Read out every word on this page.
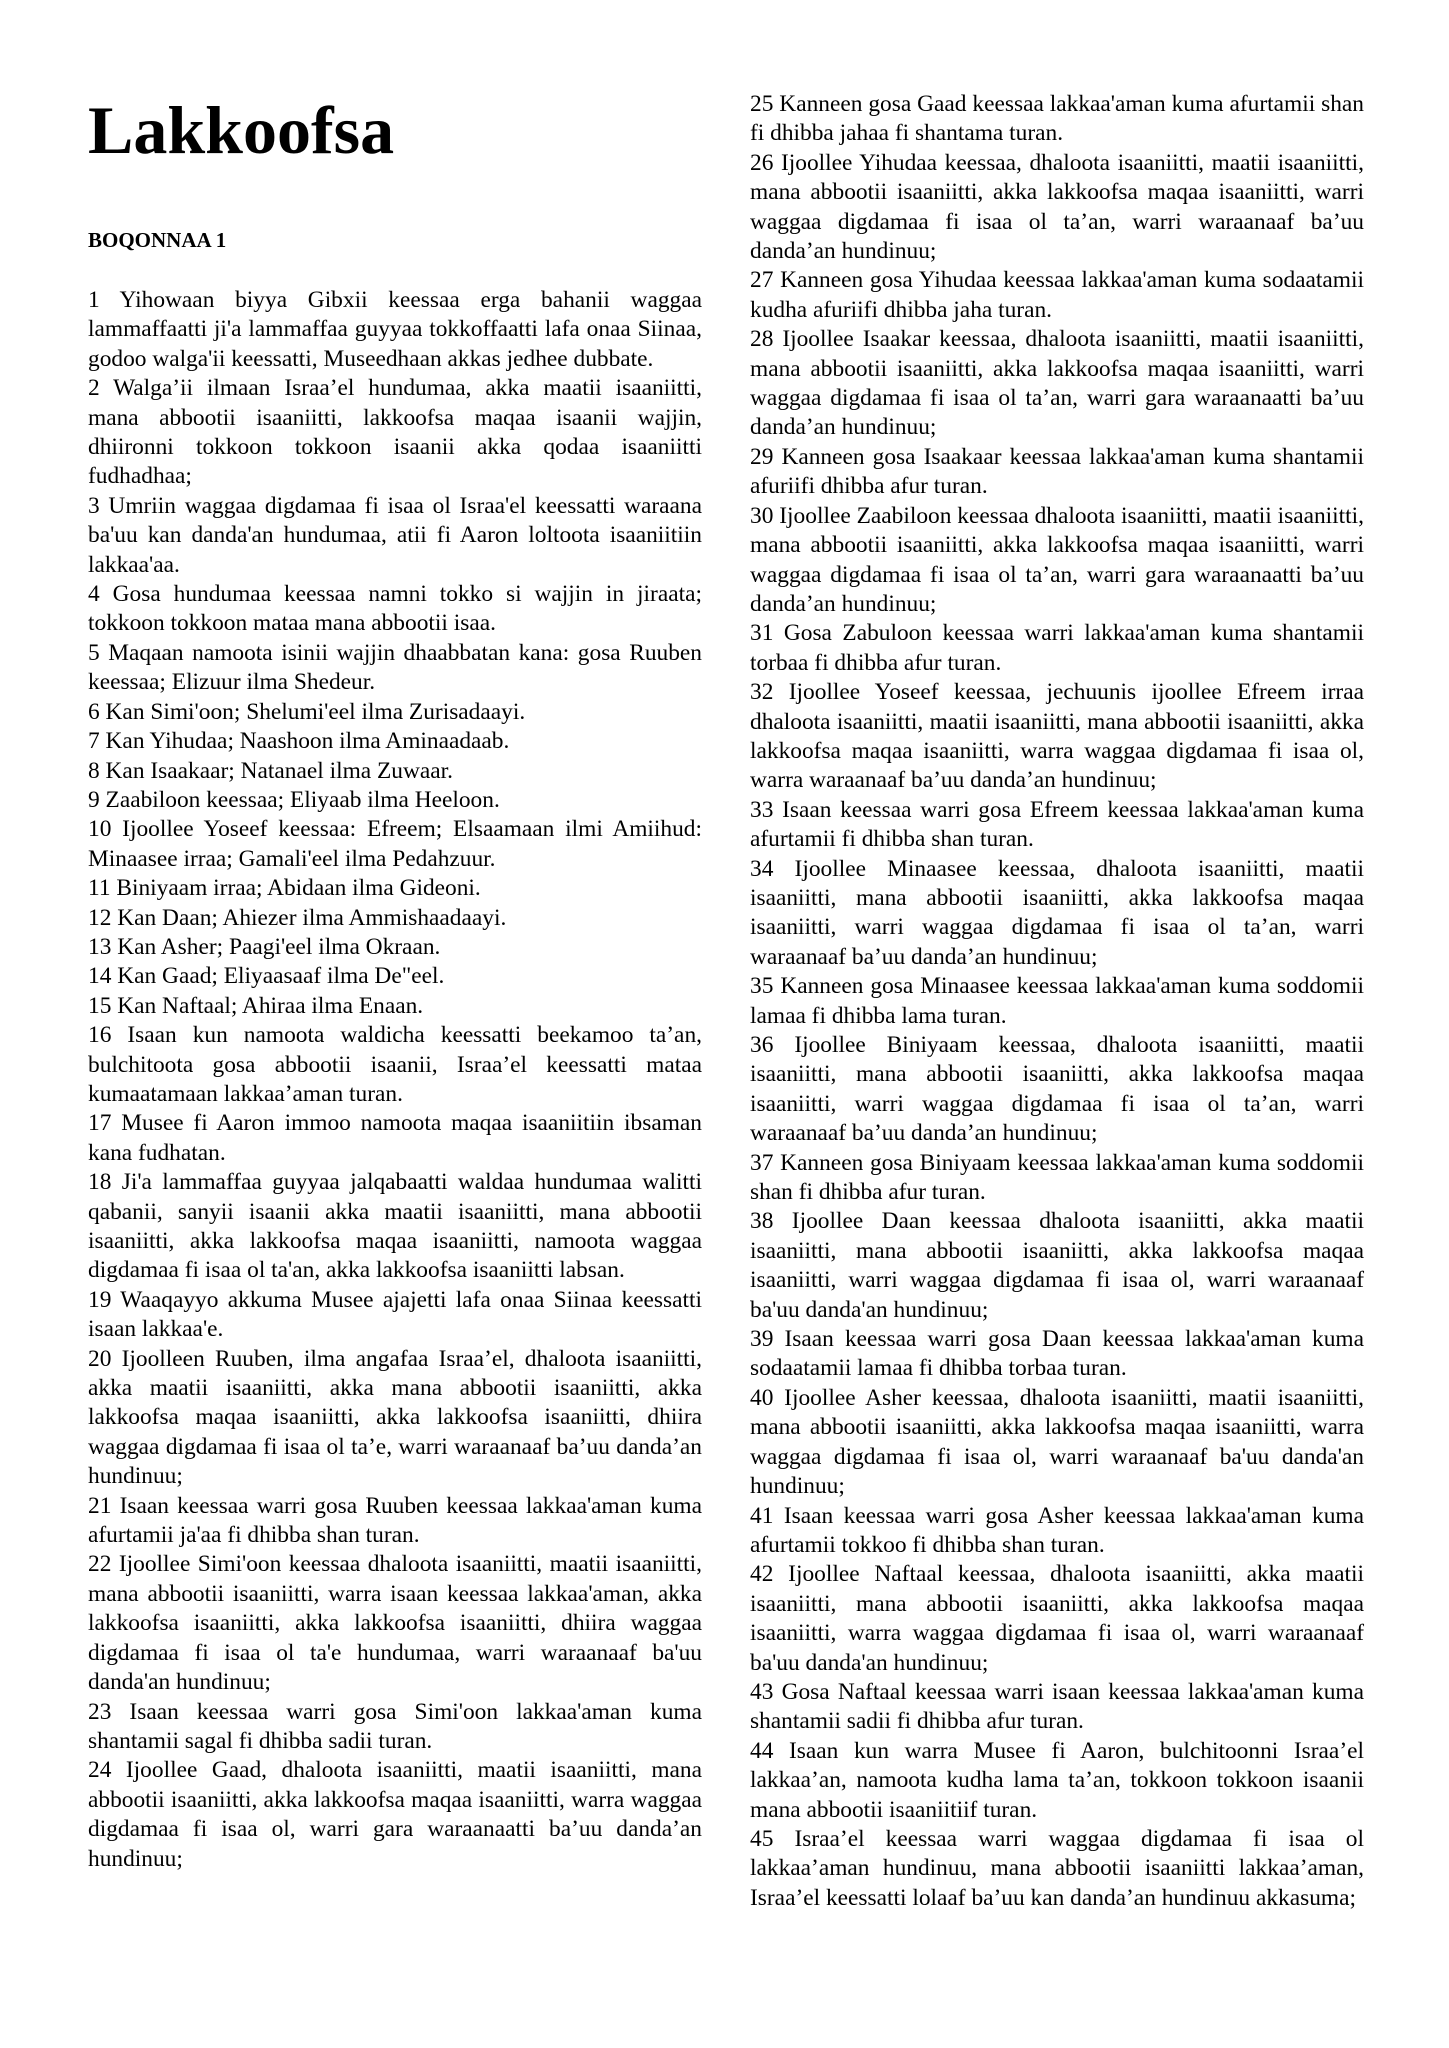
Lakkoofsa
BOQONNAA 1

1 Yihowaan biyya Gibxii keessaa erga bahanii waggaa lammaffaatti ji'a lammaffaa guyyaa tokkoffaatti lafa onaa Siinaa, godoo walga'ii keessatti, Museedhaan akkas jedhee dubbate.

2 Walga’ii ilmaan Israa’el hundumaa, akka maatii isaaniitti, mana abbootii isaaniitti, lakkoofsa maqaa isaanii wajjin, dhiironni tokkoon tokkoon isaanii akka qodaa isaaniitti fudhadhaa;

3 Umriin waggaa digdamaa fi isaa ol Israa'el keessatti waraana ba'uu kan danda'an hundumaa, atii fi Aaron loltoota isaaniitiin lakkaa'aa.

4 Gosa hundumaa keessaa namni tokko si wajjin in jiraata; tokkoon tokkoon mataa mana abbootii isaa.

5 Maqaan namoota isinii wajjin dhaabbatan kana: gosa Ruuben keessaa; Elizuur ilma Shedeur.

6 Kan Simi'oon; Shelumi'eel ilma Zurisadaayi.

7 Kan Yihudaa; Naashoon ilma Aminaadaab.

8 Kan Isaakaar; Natanael ilma Zuwaar.

9 Zaabiloon keessaa; Eliyaab ilma Heeloon.

10 Ijoollee Yoseef keessaa: Efreem; Elsaamaan ilmi Amiihud: Minaasee irraa; Gamali'eel ilma Pedahzuur.

11 Biniyaam irraa; Abidaan ilma Gideoni.

12 Kan Daan; Ahiezer ilma Ammishaadaayi.

13 Kan Asher; Paagi'eel ilma Okraan.

14 Kan Gaad; Eliyaasaaf ilma De"eel.

15 Kan Naftaal; Ahiraa ilma Enaan.

16 Isaan kun namoota waldicha keessatti beekamoo ta’an, bulchitoota gosa abbootii isaanii, Israa’el keessatti mataa kumaatamaan lakkaa’aman turan.

17 Musee fi Aaron immoo namoota maqaa isaaniitiin ibsaman kana fudhatan.

18 Ji'a lammaffaa guyyaa jalqabaatti waldaa hundumaa walitti qabanii, sanyii isaanii akka maatii isaaniitti, mana abbootii isaaniitti, akka lakkoofsa maqaa isaaniitti, namoota waggaa digdamaa fi isaa ol ta'an, akka lakkoofsa isaaniitti labsan.

19 Waaqayyo akkuma Musee ajajetti lafa onaa Siinaa keessatti isaan lakkaa'e.

20 Ijoolleen Ruuben, ilma angafaa Israa’el, dhaloota isaaniitti, akka maatii isaaniitti, akka mana abbootii isaaniitti, akka lakkoofsa maqaa isaaniitti, akka lakkoofsa isaaniitti, dhiira waggaa digdamaa fi isaa ol ta’e, warri waraanaaf ba’uu danda’an hundinuu;

21 Isaan keessaa warri gosa Ruuben keessaa lakkaa'aman kuma afurtamii ja'aa fi dhibba shan turan.

22 Ijoollee Simi'oon keessaa dhaloota isaaniitti, maatii isaaniitti, mana abbootii isaaniitti, warra isaan keessaa lakkaa'aman, akka lakkoofsa isaaniitti, akka lakkoofsa isaaniitti, dhiira waggaa digdamaa fi isaa ol ta'e hundumaa, warri waraanaaf ba'uu danda'an hundinuu;

23 Isaan keessaa warri gosa Simi'oon lakkaa'aman kuma shantamii sagal fi dhibba sadii turan.

24 Ijoollee Gaad, dhaloota isaaniitti, maatii isaaniitti, mana abbootii isaaniitti, akka lakkoofsa maqaa isaaniitti, warra waggaa digdamaa fi isaa ol, warri gara waraanaatti ba’uu danda’an hundinuu;

25 Kanneen gosa Gaad keessaa lakkaa'aman kuma afurtamii shan fi dhibba jahaa fi shantama turan.

26 Ijoollee Yihudaa keessaa, dhaloota isaaniitti, maatii isaaniitti, mana abbootii isaaniitti, akka lakkoofsa maqaa isaaniitti, warri waggaa digdamaa fi isaa ol ta’an, warri waraanaaf ba’uu danda’an hundinuu;

27 Kanneen gosa Yihudaa keessaa lakkaa'aman kuma sodaatamii kudha afuriifi dhibba jaha turan.

28 Ijoollee Isaakar keessaa, dhaloota isaaniitti, maatii isaaniitti, mana abbootii isaaniitti, akka lakkoofsa maqaa isaaniitti, warri waggaa digdamaa fi isaa ol ta’an, warri gara waraanaatti ba’uu danda’an hundinuu;

29 Kanneen gosa Isaakaar keessaa lakkaa'aman kuma shantamii afuriifi dhibba afur turan.

30 Ijoollee Zaabiloon keessaa dhaloota isaaniitti, maatii isaaniitti, mana abbootii isaaniitti, akka lakkoofsa maqaa isaaniitti, warri waggaa digdamaa fi isaa ol ta’an, warri gara waraanaatti ba’uu danda’an hundinuu;

31 Gosa Zabuloon keessaa warri lakkaa'aman kuma shantamii torbaa fi dhibba afur turan.

32 Ijoollee Yoseef keessaa, jechuunis ijoollee Efreem irraa dhaloota isaaniitti, maatii isaaniitti, mana abbootii isaaniitti, akka lakkoofsa maqaa isaaniitti, warra waggaa digdamaa fi isaa ol, warra waraanaaf ba’uu danda’an hundinuu;

33 Isaan keessaa warri gosa Efreem keessaa lakkaa'aman kuma afurtamii fi dhibba shan turan.

34 Ijoollee Minaasee keessaa, dhaloota isaaniitti, maatii isaaniitti, mana abbootii isaaniitti, akka lakkoofsa maqaa isaaniitti, warri waggaa digdamaa fi isaa ol ta’an, warri waraanaaf ba’uu danda’an hundinuu;

35 Kanneen gosa Minaasee keessaa lakkaa'aman kuma soddomii lamaa fi dhibba lama turan.

36 Ijoollee Biniyaam keessaa, dhaloota isaaniitti, maatii isaaniitti, mana abbootii isaaniitti, akka lakkoofsa maqaa isaaniitti, warri waggaa digdamaa fi isaa ol ta’an, warri waraanaaf ba’uu danda’an hundinuu;

37 Kanneen gosa Biniyaam keessaa lakkaa'aman kuma soddomii shan fi dhibba afur turan.

38 Ijoollee Daan keessaa dhaloota isaaniitti, akka maatii isaaniitti, mana abbootii isaaniitti, akka lakkoofsa maqaa isaaniitti, warri waggaa digdamaa fi isaa ol, warri waraanaaf ba'uu danda'an hundinuu;

39 Isaan keessaa warri gosa Daan keessaa lakkaa'aman kuma sodaatamii lamaa fi dhibba torbaa turan.

40 Ijoollee Asher keessaa, dhaloota isaaniitti, maatii isaaniitti, mana abbootii isaaniitti, akka lakkoofsa maqaa isaaniitti, warra waggaa digdamaa fi isaa ol, warri waraanaaf ba'uu danda'an hundinuu;

41 Isaan keessaa warri gosa Asher keessaa lakkaa'aman kuma afurtamii tokkoo fi dhibba shan turan.

42 Ijoollee Naftaal keessaa, dhaloota isaaniitti, akka maatii isaaniitti, mana abbootii isaaniitti, akka lakkoofsa maqaa isaaniitti, warra waggaa digdamaa fi isaa ol, warri waraanaaf ba'uu danda'an hundinuu;

43 Gosa Naftaal keessaa warri isaan keessaa lakkaa'aman kuma shantamii sadii fi dhibba afur turan.

44 Isaan kun warra Musee fi Aaron, bulchitoonni Israa’el lakkaa’an, namoota kudha lama ta’an, tokkoon tokkoon isaanii mana abbootii isaaniitiif turan.

45 Israa’el keessaa warri waggaa digdamaa fi isaa ol lakkaa’aman hundinuu, mana abbootii isaaniitti lakkaa’aman, Israa’el keessatti lolaaf ba’uu kan danda’an hundinuu akkasuma;
